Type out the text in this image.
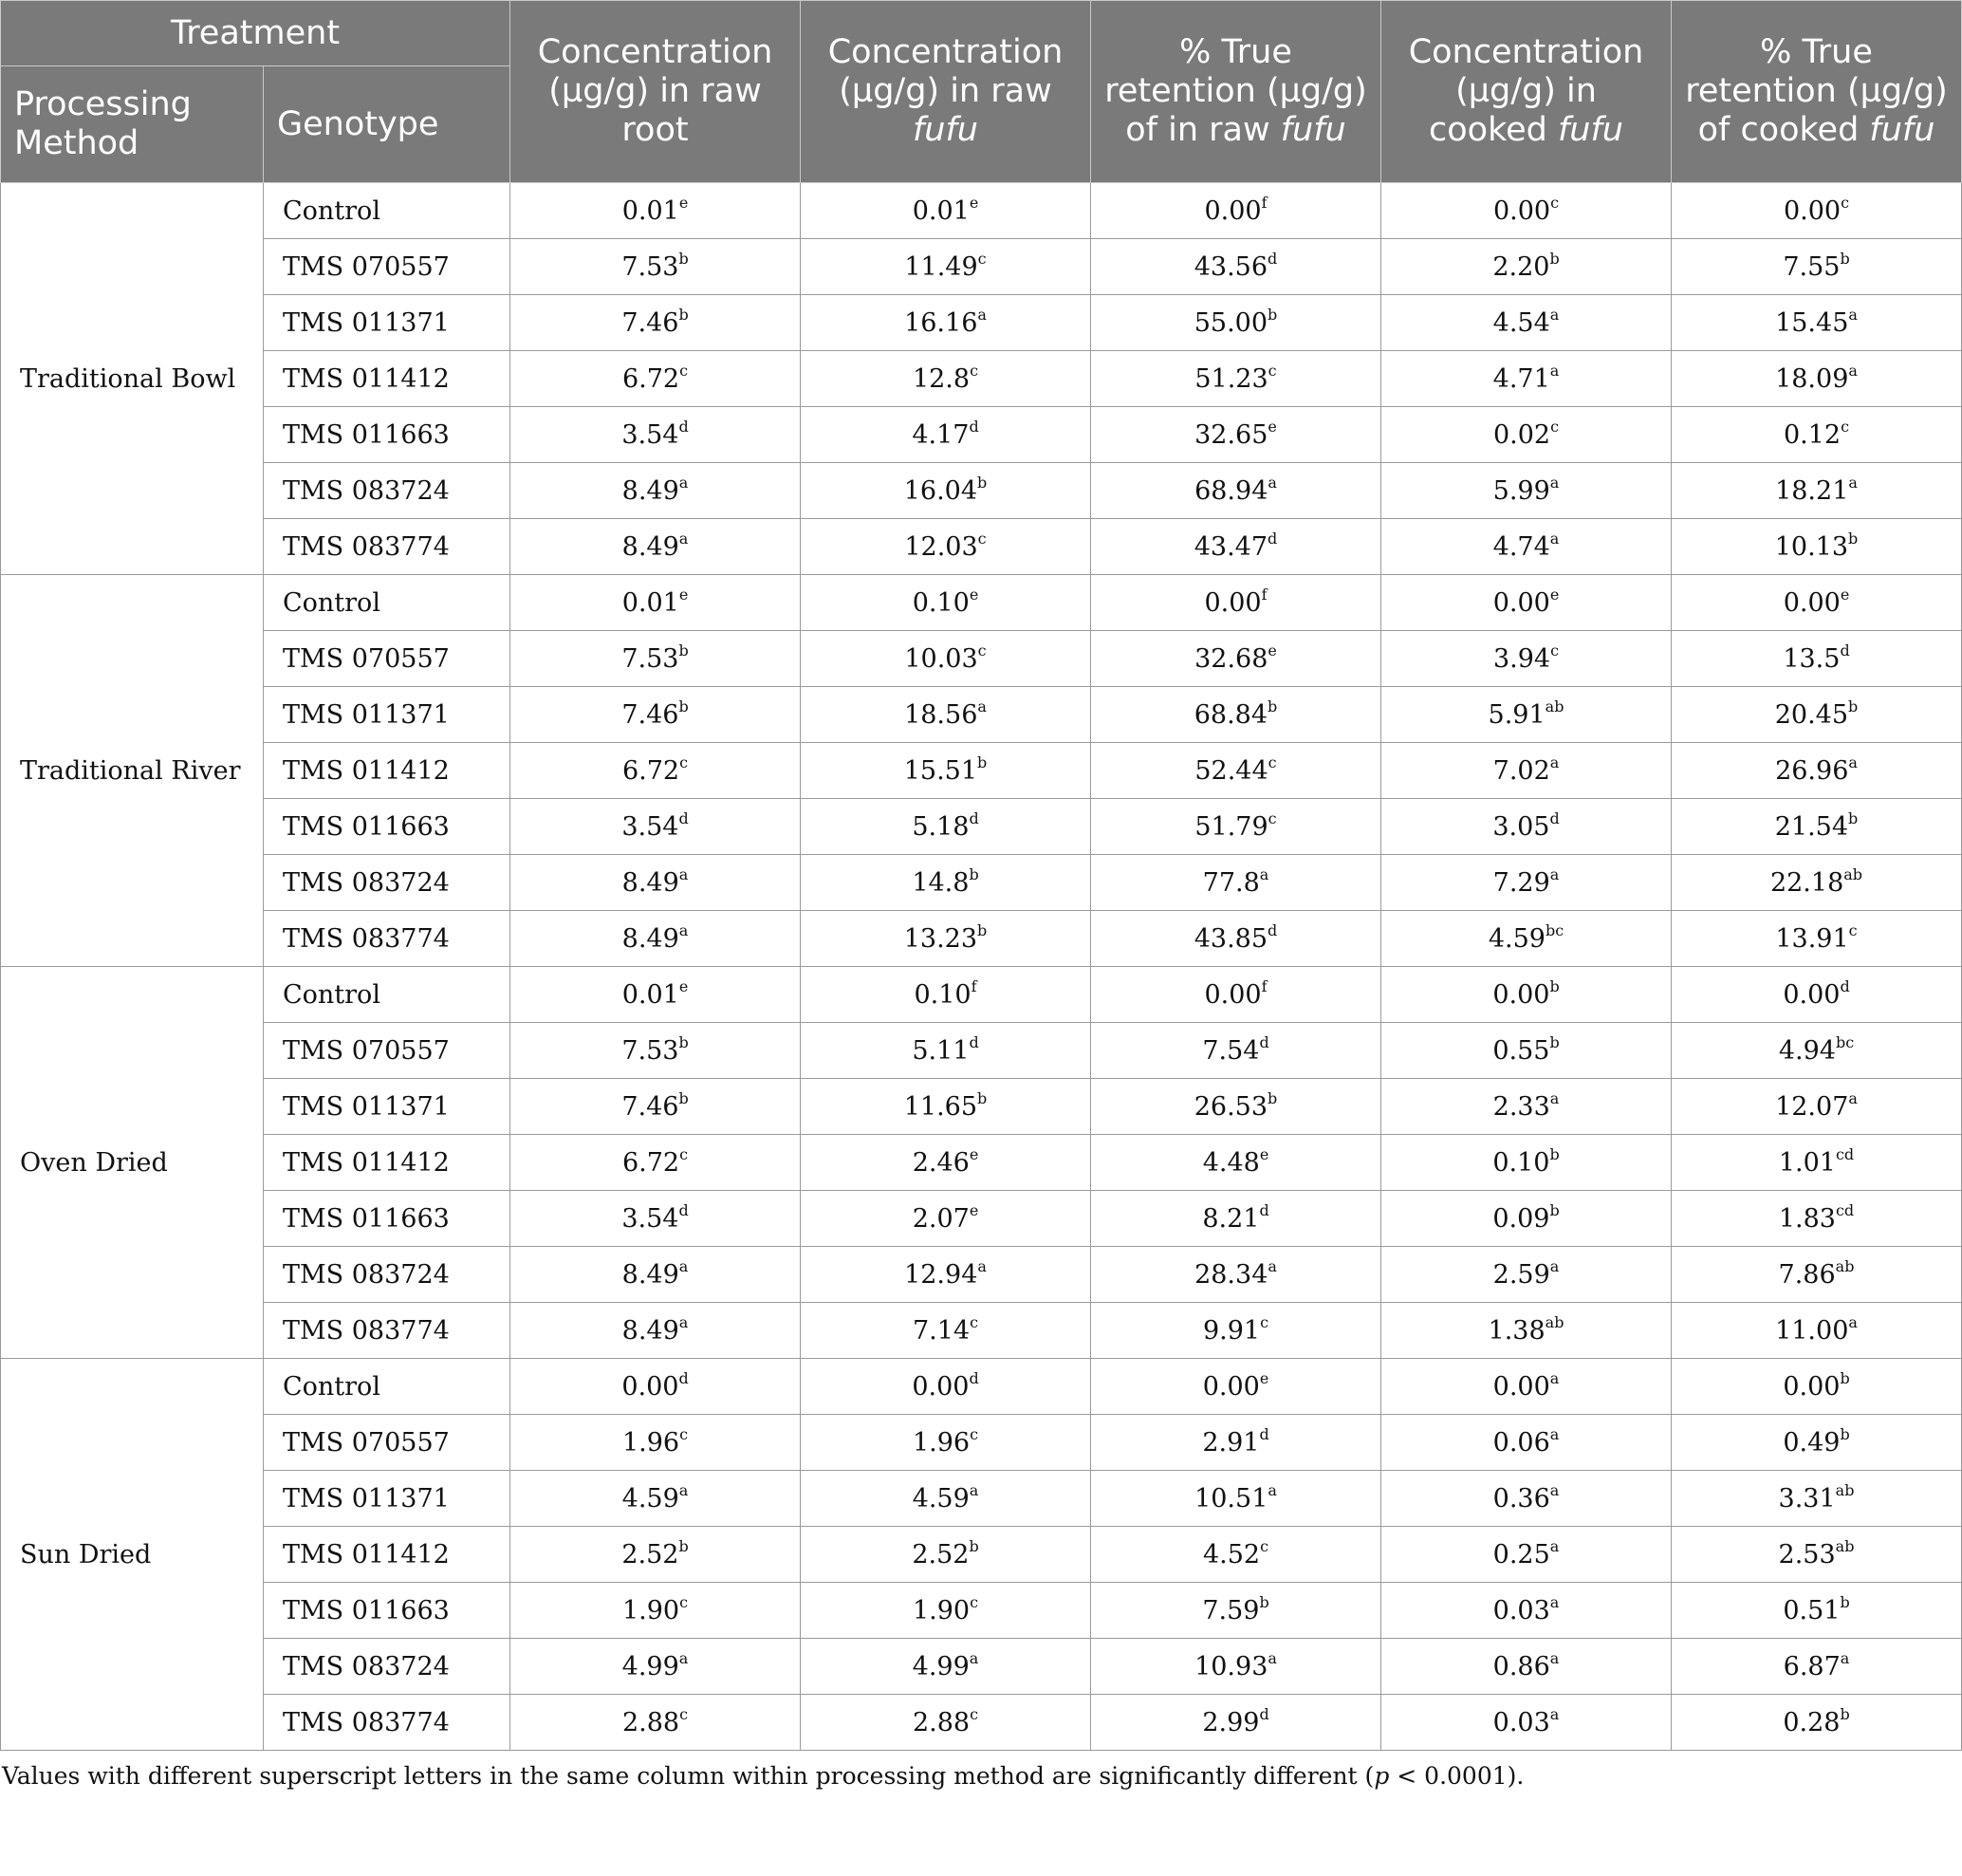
Treatment		Concentration (µg/g) in raw root	Concentration (µg/g) in raw fufu	% True retention (µg/g) of in raw fufu	Concentration (µg/g) in cooked fufu	% True retention (µg/g) of cooked fufu
Processing Method	Genotype					
Traditional Bowl	Control	0.01e	0.01e	0.00$^f$	0.00$^c$	0.00$^c$
	TMS 070557	7.53$^b$	11.49$^c$	43.56$^d$	2.20$^b$	7.55$^b$
	TMS 011371	7.46$^b$	16.16$^a$	55.00$^b$	4.54$^a$	15.45$^a$
	TMS 011412	6.72$^c$	12.8$^c$	51.23$^c$	4.71$^a$	18.09$^a$
	TMS 011663	3.54$^d$	4.17$^d$	32.65e	0.02$^c$	0.12$^c$
	TMS 083724	8.49$^a$	16.04$^b$	68.94$^a$	5.99$^a$	18.21$^a$
	TMS 083774	8.49$^a$	12.03$^c$	43.47$^d$	4.74$^a$	10.13$^b$
Traditional River	Control	0.01e	0.10e	0.00$^f$	0.00e	0.00e
	TMS 070557	7.53$^b$	10.03$^c$	32.68e	3.94$^c$	13.5$^d$
	TMS 011371	7.46$^b$	18.56$^a$	68.84$^b$	5.91$^{ab}$	20.45$^b$
	TMS 011412	6.72$^c$	15.51$^b$	52.44$^c$	7.02$^a$	26.96$^a$
	TMS 011663	3.54$^d$	5.18$^d$	51.79$^c$	3.05$^d$	21.54$^b$
	TMS 083724	8.49$^a$	14.8$^b$	77.8$^a$	7.29$^a$	22.18$^{ab}$
	TMS 083774	8.49$^a$	13.23$^b$	43.85$^d$	4.59$^{bc}$	13.91$^c$
Oven Dried	Control	0.01e	0.10$^f$	0.00$^f$	0.00$^b$	0.00$^d$
	TMS 070557	7.53$^b$	5.11$^d$	7.54$^d$	0.55$^b$	4.94$^{bc}$
	TMS 011371	7.46$^b$	11.65$^b$	26.53$^b$	2.33$^a$	12.07$^a$
	TMS 011412	6.72$^c$	2.46e	4.48e	0.10$^b$	1.01$^{cd}$
	TMS 011663	3.54$^d$	2.07e	8.21$^d$	0.09$^b$	1.83$^{cd}$
	TMS 083724	8.49$^a$	12.94$^a$	28.34$^a$	2.59$^a$	7.86$^{ab}$
	TMS 083774	8.49$^a$	7.14$^c$	9.91$^c$	1.38$^{ab}$	11.00$^a$
Sun Dried	Control	0.00$^d$	0.00$^d$	0.00e	0.00$^a$	0.00$^b$
	TMS 070557	1.96$^c$	1.96$^c$	2.91$^d$	0.06$^a$	0.49$^b$
	TMS 011371	4.59$^a$	4.59$^a$	10.51$^a$	0.36$^a$	3.31$^{ab}$
	TMS 011412	2.52$^b$	2.52$^b$	4.52$^c$	0.25$^a$	2.53$^{ab}$
	TMS 011663	1.90$^c$	1.90$^c$	7.59$^b$	0.03$^a$	0.51$^b$
	TMS 083724	4.99$^a$	4.99$^a$	10.93$^a$	0.86$^a$	6.87$^a$
	TMS 083774	2.88$^c$	2.88$^c$	2.99$^d$	0.03$^a$	0.28$^b$
Values with different superscript letters in the same column within processing method are significantly different (p < 0.0001).
